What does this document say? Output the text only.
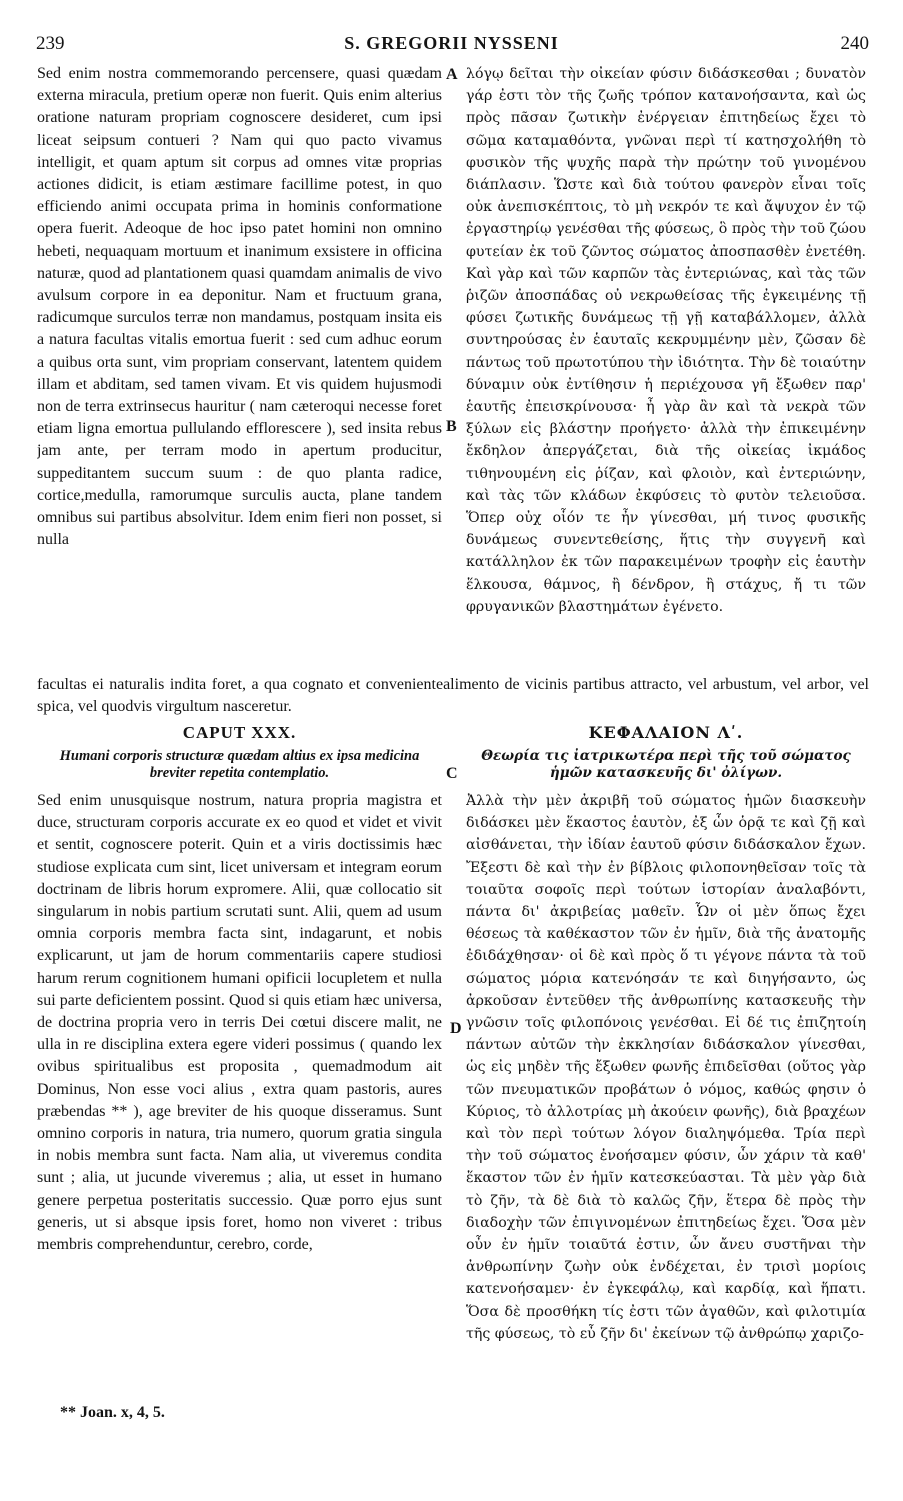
239	S. GREGORII NYSSENI	240

Sed enim nostra commemorando percensere, quasi quædam externa miracula, pretium operæ non fuerit. Quis enim alterius oratione naturam propriam cognoscere desideret, cum ipsi liceat seipsum contueri ? Nam qui quo pacto vivamus intelligit, et quam aptum sit corpus ad omnes vitæ proprias actiones didicit, is etiam æstimare facillime potest, in quo efficiendo animi occupata prima in hominis conformatione opera fuerit. Adeoque de hoc ipso patet homini non omnino hebeti, nequaquam mortuum et inanimum exsistere in officina naturæ, quod ad plantationem quasi quamdam animalis de vivo avulsum corpore in ea deponitur. Nam et fructuum grana, radicumque surculos terræ non mandamus, postquam insita eis a natura facultas vitalis emortua fuerit : sed cum adhuc eorum a quibus orta sunt, vim propriam conservant, latentem quidem illam et abditam, sed tamen vivam. Et vis quidem hujusmodi non de terra extrinsecus hauritur ( nam cæteroqui necesse foret etiam ligna emortua pullulando efflorescere ), sed insita rebus jam ante, per terram modo in apertum producitur, suppeditantem succum suum : de quo planta radice, cortice,medulla, ramorumque surculis aucta, plane tandem omnibus sui partibus absolvitur. Idem enim fieri non posset, si nulla

λόγῳ δεῖται τὴν οἰκείαν φύσιν διδάσκεσθαι ; δυνατὸν γάρ ἐστι τὸν τῆς ζωῆς τρόπον κατανοήσαντα, καὶ ὡς πρὸς πᾶσαν ζωτικὴν ἐνέργειαν ἐπιτηδείως ἔχει τὸ σῶμα καταμαθόντα, γνῶναι περὶ τί κατησχολήθη τὸ φυσικὸν τῆς ψυχῆς παρὰ τὴν πρώτην τοῦ γινομένου διάπλασιν. Ὥστε καὶ διὰ τούτου φανερὸν εἶναι τοῖς οὐκ ἀνεπισκέπτοις, τὸ μὴ νεκρόν τε καὶ ἄψυχον ἐν τῷ ἐργαστηρίῳ γενέσθαι τῆς φύσεως, ὃ πρὸς τὴν τοῦ ζώου φυτείαν ἐκ τοῦ ζῶντος σώματος ἀποσπασθὲν ἐνετέθη. Καὶ γὰρ καὶ τῶν καρπῶν τὰς ἐντεριώνας, καὶ τὰς τῶν ῥιζῶν ἀποσπάδας οὐ νεκρωθείσας τῆς ἐγκειμένης τῇ φύσει ζωτικῆς δυνάμεως τῇ γῇ καταβάλλομεν, ἀλλὰ συντηρούσας ἐν ἑαυταῖς κεκρυμμένην μὲν, ζῶσαν δὲ πάντως τοῦ πρωτοτύπου τὴν ἰδιότητα. Τὴν δὲ τοιαύτην δύναμιν οὐκ ἐντίθησιν ἡ περιέχουσα γῆ ἔξωθεν παρ' ἑαυτῆς ἐπεισκρίνουσα· ἦ γὰρ ἂν καὶ τὰ νεκρὰ τῶν ξύλων εἰς βλάστην προήγετο· ἀλλὰ τὴν ἐπικειμένην ἔκδηλον ἀπεργάζεται, διὰ τῆς οἰκείας ἰκμάδος τιθηνουμένη εἰς ῥίζαν, καὶ φλοιὸν, καὶ ἐντεριώνην, καὶ τὰς τῶν κλάδων ἐκφύσεις τὸ φυτὸν τελειοῦσα. Ὅπερ οὐχ οἷόν τε ἦν γίνεσθαι, μή τινος φυσικῆς δυνάμεως συνεντεθείσης, ἥτις τὴν συγγενῆ καὶ κατάλληλον ἐκ τῶν παρακειμένων τροφὴν εἰς ἑαυτὴν ἕλκουσα, θάμνος, ἢ δένδρον, ἢ στάχυς, ἤ τι τῶν φρυγανικῶν βλαστημάτων ἐγένετο.

A
B
C
D

facultas ei naturalis indita foret, a qua cognato et convenientealimento de vicinis partibus attracto, vel arbustum, vel arbor, vel spica, vel quodvis virgultum nasceretur.

CAPUT XXX.	ΚΕΦΑΛΑΙΟΝ Λʹ.
Humani corporis structuræ quædam altius ex ipsa medicina breviter repetita contemplatio.
Θεωρία τις ἰατρικωτέρα περὶ τῆς τοῦ σώματος ἡμῶν κατασκευῆς δι' ὀλίγων.

Sed enim unusquisque nostrum, natura propria magistra et duce, structuram corporis accurate ex eo quod et videt et vivit et sentit, cognoscere poterit. Quin et a viris doctissimis hæc studiose explicata cum sint, licet universam et integram eorum doctrinam de libris horum expromere. Alii, quæ collocatio sit singularum in nobis partium scrutati sunt. Alii, quem ad usum omnia corporis membra facta sint, indagarunt, et nobis explicarunt, ut jam de horum commentariis capere studiosi harum rerum cognitionem humani opificii locupletem et nulla sui parte deficientem possint. Quod si quis etiam hæc universa, de doctrina propria vero in terris Dei cœtui discere malit, ne ulla in re disciplina extera egere videri possimus ( quando lex ovibus spiritualibus est proposita , quemadmodum ait Dominus, Non esse voci alius , extra quam pastoris, aures præbendas ** ), age breviter de his quoque disseramus. Sunt omnino corporis in natura, tria numero, quorum gratia singula in nobis membra sunt facta. Nam alia, ut viveremus condita sunt ; alia, ut jucunde viveremus ; alia, ut esset in humano genere perpetua posteritatis successio. Quæ porro ejus sunt generis, ut si absque ipsis foret, homo non viveret : tribus membris comprehenduntur, cerebro, corde,

Ἀλλὰ τὴν μὲν ἀκριβῆ τοῦ σώματος ἡμῶν διασκευὴν διδάσκει μὲν ἕκαστος ἑαυτὸν, ἐξ ὧν ὁρᾷ τε καὶ ζῇ καὶ αἰσθάνεται, τὴν ἰδίαν ἑαυτοῦ φύσιν διδάσκαλον ἔχων. Ἔξεστι δὲ καὶ τὴν ἐν βίβλοις φιλοπονηθεῖσαν τοῖς τὰ τοιαῦτα σοφοῖς περὶ τούτων ἱστορίαν ἀναλαβόντι, πάντα δι' ἀκριβείας μαθεῖν. Ὧν οἱ μὲν ὅπως ἔχει θέσεως τὰ καθέκαστον τῶν ἐν ἡμῖν, διὰ τῆς ἀνατομῆς ἐδιδάχθησαν· οἱ δὲ καὶ πρὸς ὅ τι γέγονε πάντα τὰ τοῦ σώματος μόρια κατενόησάν τε καὶ διηγήσαντο, ὡς ἀρκοῦσαν ἐντεῦθεν τῆς ἀνθρωπίνης κατασκευῆς τὴν γνῶσιν τοῖς φιλοπόνοις γενέσθαι. Εἰ δέ τις ἐπιζητοίη πάντων αὐτῶν τὴν ἐκκλησίαν διδάσκαλον γίνεσθαι, ὡς εἰς μηδὲν τῆς ἔξωθεν φωνῆς ἐπιδεῖσθαι (οὕτος γὰρ τῶν πνευματικῶν προβάτων ὁ νόμος, καθώς φησιν ὁ Κύριος, τὸ ἀλλοτρίας μὴ ἀκούειν φωνῆς), διὰ βραχέων καὶ τὸν περὶ τούτων λόγον διαληψόμεθα. Τρία περὶ τὴν τοῦ σώματος ἐνοήσαμεν φύσιν, ὧν χάριν τὰ καθ' ἕκαστον τῶν ἐν ἡμῖν κατεσκεύασται. Τὰ μὲν γὰρ διὰ τὸ ζῆν, τὰ δὲ διὰ τὸ καλῶς ζῆν, ἕτερα δὲ πρὸς τὴν διαδοχὴν τῶν ἐπιγινομένων ἐπιτηδείως ἔχει. Ὅσα μὲν οὖν ἐν ἡμῖν τοιαῦτά ἐστιν, ὧν ἄνευ συστῆναι τὴν ἀνθρωπίνην ζωὴν οὐκ ἐνδέχεται, ἐν τρισὶ μορίοις κατενοήσαμεν· ἐν ἐγκεφάλῳ, καὶ καρδίᾳ, καὶ ἥπατι. Ὅσα δὲ προσθήκη τίς ἐστι τῶν ἀγαθῶν, καὶ φιλοτιμία τῆς φύσεως, τὸ εὖ ζῆν δι' ἐκείνων τῷ ἀνθρώπῳ χαριζο-

** Joan. x, 4, 5.
